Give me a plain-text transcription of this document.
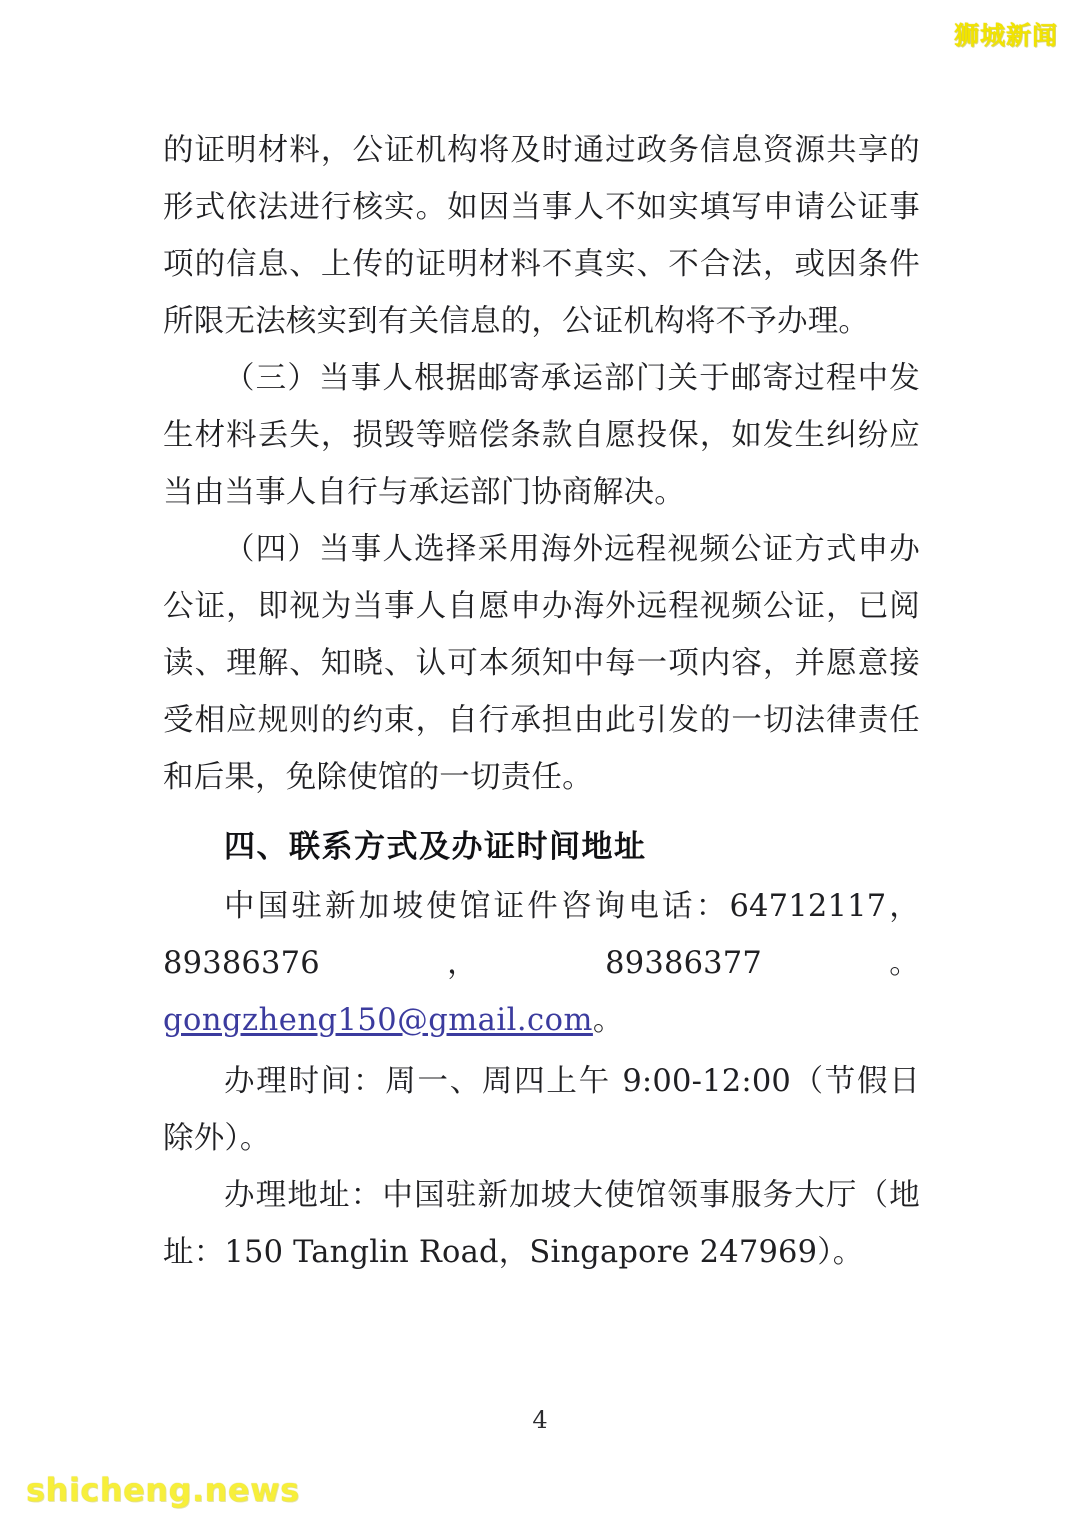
狮城新闻

的证明材料，公证机构将及时通过政务信息资源共享的形式依法进行核实。如因当事人不如实填写申请公证事项的信息、上传的证明材料不真实、不合法，或因条件所限无法核实到有关信息的，公证机构将不予办理。

（三）当事人根据邮寄承运部门关于邮寄过程中发生材料丢失，损毁等赔偿条款自愿投保，如发生纠纷应当由当事人自行与承运部门协商解决。

（四）当事人选择采用海外远程视频公证方式申办公证，即视为当事人自愿申办海外远程视频公证，已阅读、理解、知晓、认可本须知中每一项内容，并愿意接受相应规则的约束，自行承担由此引发的一切法律责任和后果，免除使馆的一切责任。

四、联系方式及办证时间地址

中国驻新加坡使馆证件咨询电话：64712117，89386376，89386377。

gongzheng150@gmail.com。

办理时间：周一、周四上午 9:00-12:00（节假日除外）。

办理地址：中国驻新加坡大使馆领事服务大厅（地址：150 Tanglin Road，Singapore 247969）。

4
shicheng.news
